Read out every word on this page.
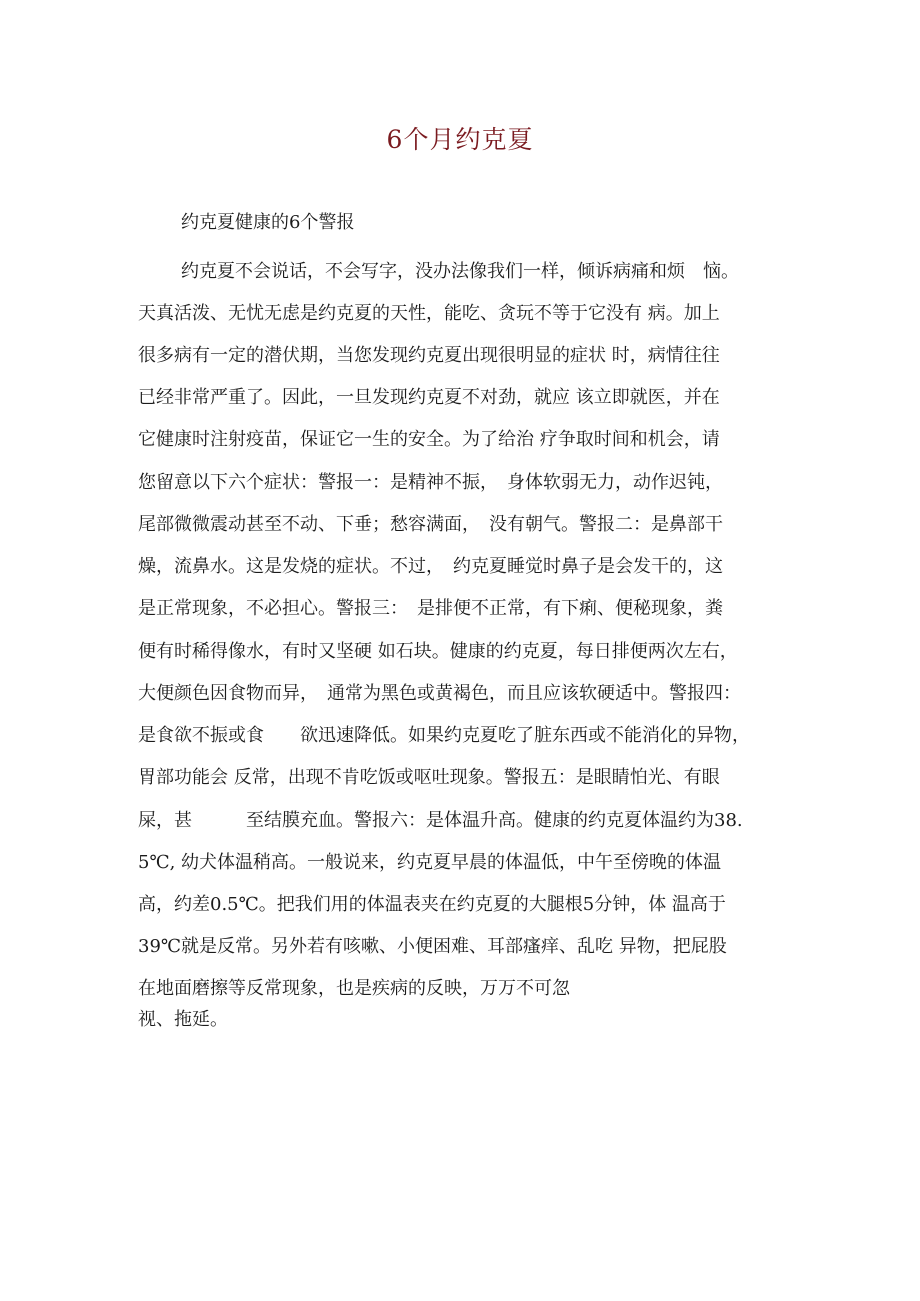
6个月约克夏
约克夏健康的6个警报
约克夏不会说话，不会写字，没办法像我们一样，倾诉病痛和烦　恼。
天真活泼、无忧无虑是约克夏的天性，能吃、贪玩不等于它没有 病。加上
很多病有一定的潜伏期，当您发现约克夏出现很明显的症状 时，病情往往
已经非常严重了。因此，一旦发现约克夏不对劲，就应 该立即就医，并在
它健康时注射疫苗，保证它一生的安全。为了给治 疗争取时间和机会，请
您留意以下六个症状：警报一：是精神不振，　身体软弱无力，动作迟钝，
尾部微微震动甚至不动、下垂；愁容满面，　没有朝气。警报二：是鼻部干
燥，流鼻水。这是发烧的症状。不过，　约克夏睡觉时鼻子是会发干的，这
是正常现象，不必担心。警报三：　是排便不正常，有下痢、便秘现象，粪
便有时稀得像水，有时又坚硬 如石块。健康的约克夏，每日排便两次左右，
大便颜色因食物而异，　通常为黑色或黄褐色，而且应该软硬适中。警报四：
是食欲不振或食　　欲迅速降低。如果约克夏吃了脏东西或不能消化的异物，
胃部功能会 反常，出现不肯吃饭或呕吐现象。警报五：是眼睛怕光、有眼
屎，甚　　　至结膜充血。警报六：是体温升高。健康的约克夏体温约为38.
5℃, 幼犬体温稍高。一般说来，约克夏早晨的体温低，中午至傍晚的体温
高，约差0.5℃。把我们用的体温表夹在约克夏的大腿根5分钟，体 温高于
39℃就是反常。另外若有咳嗽、小便困难、耳部瘙痒、乱吃 异物，把屁股
在地面磨擦等反常现象，也是疾病的反映，万万不可忽
视、拖延。
